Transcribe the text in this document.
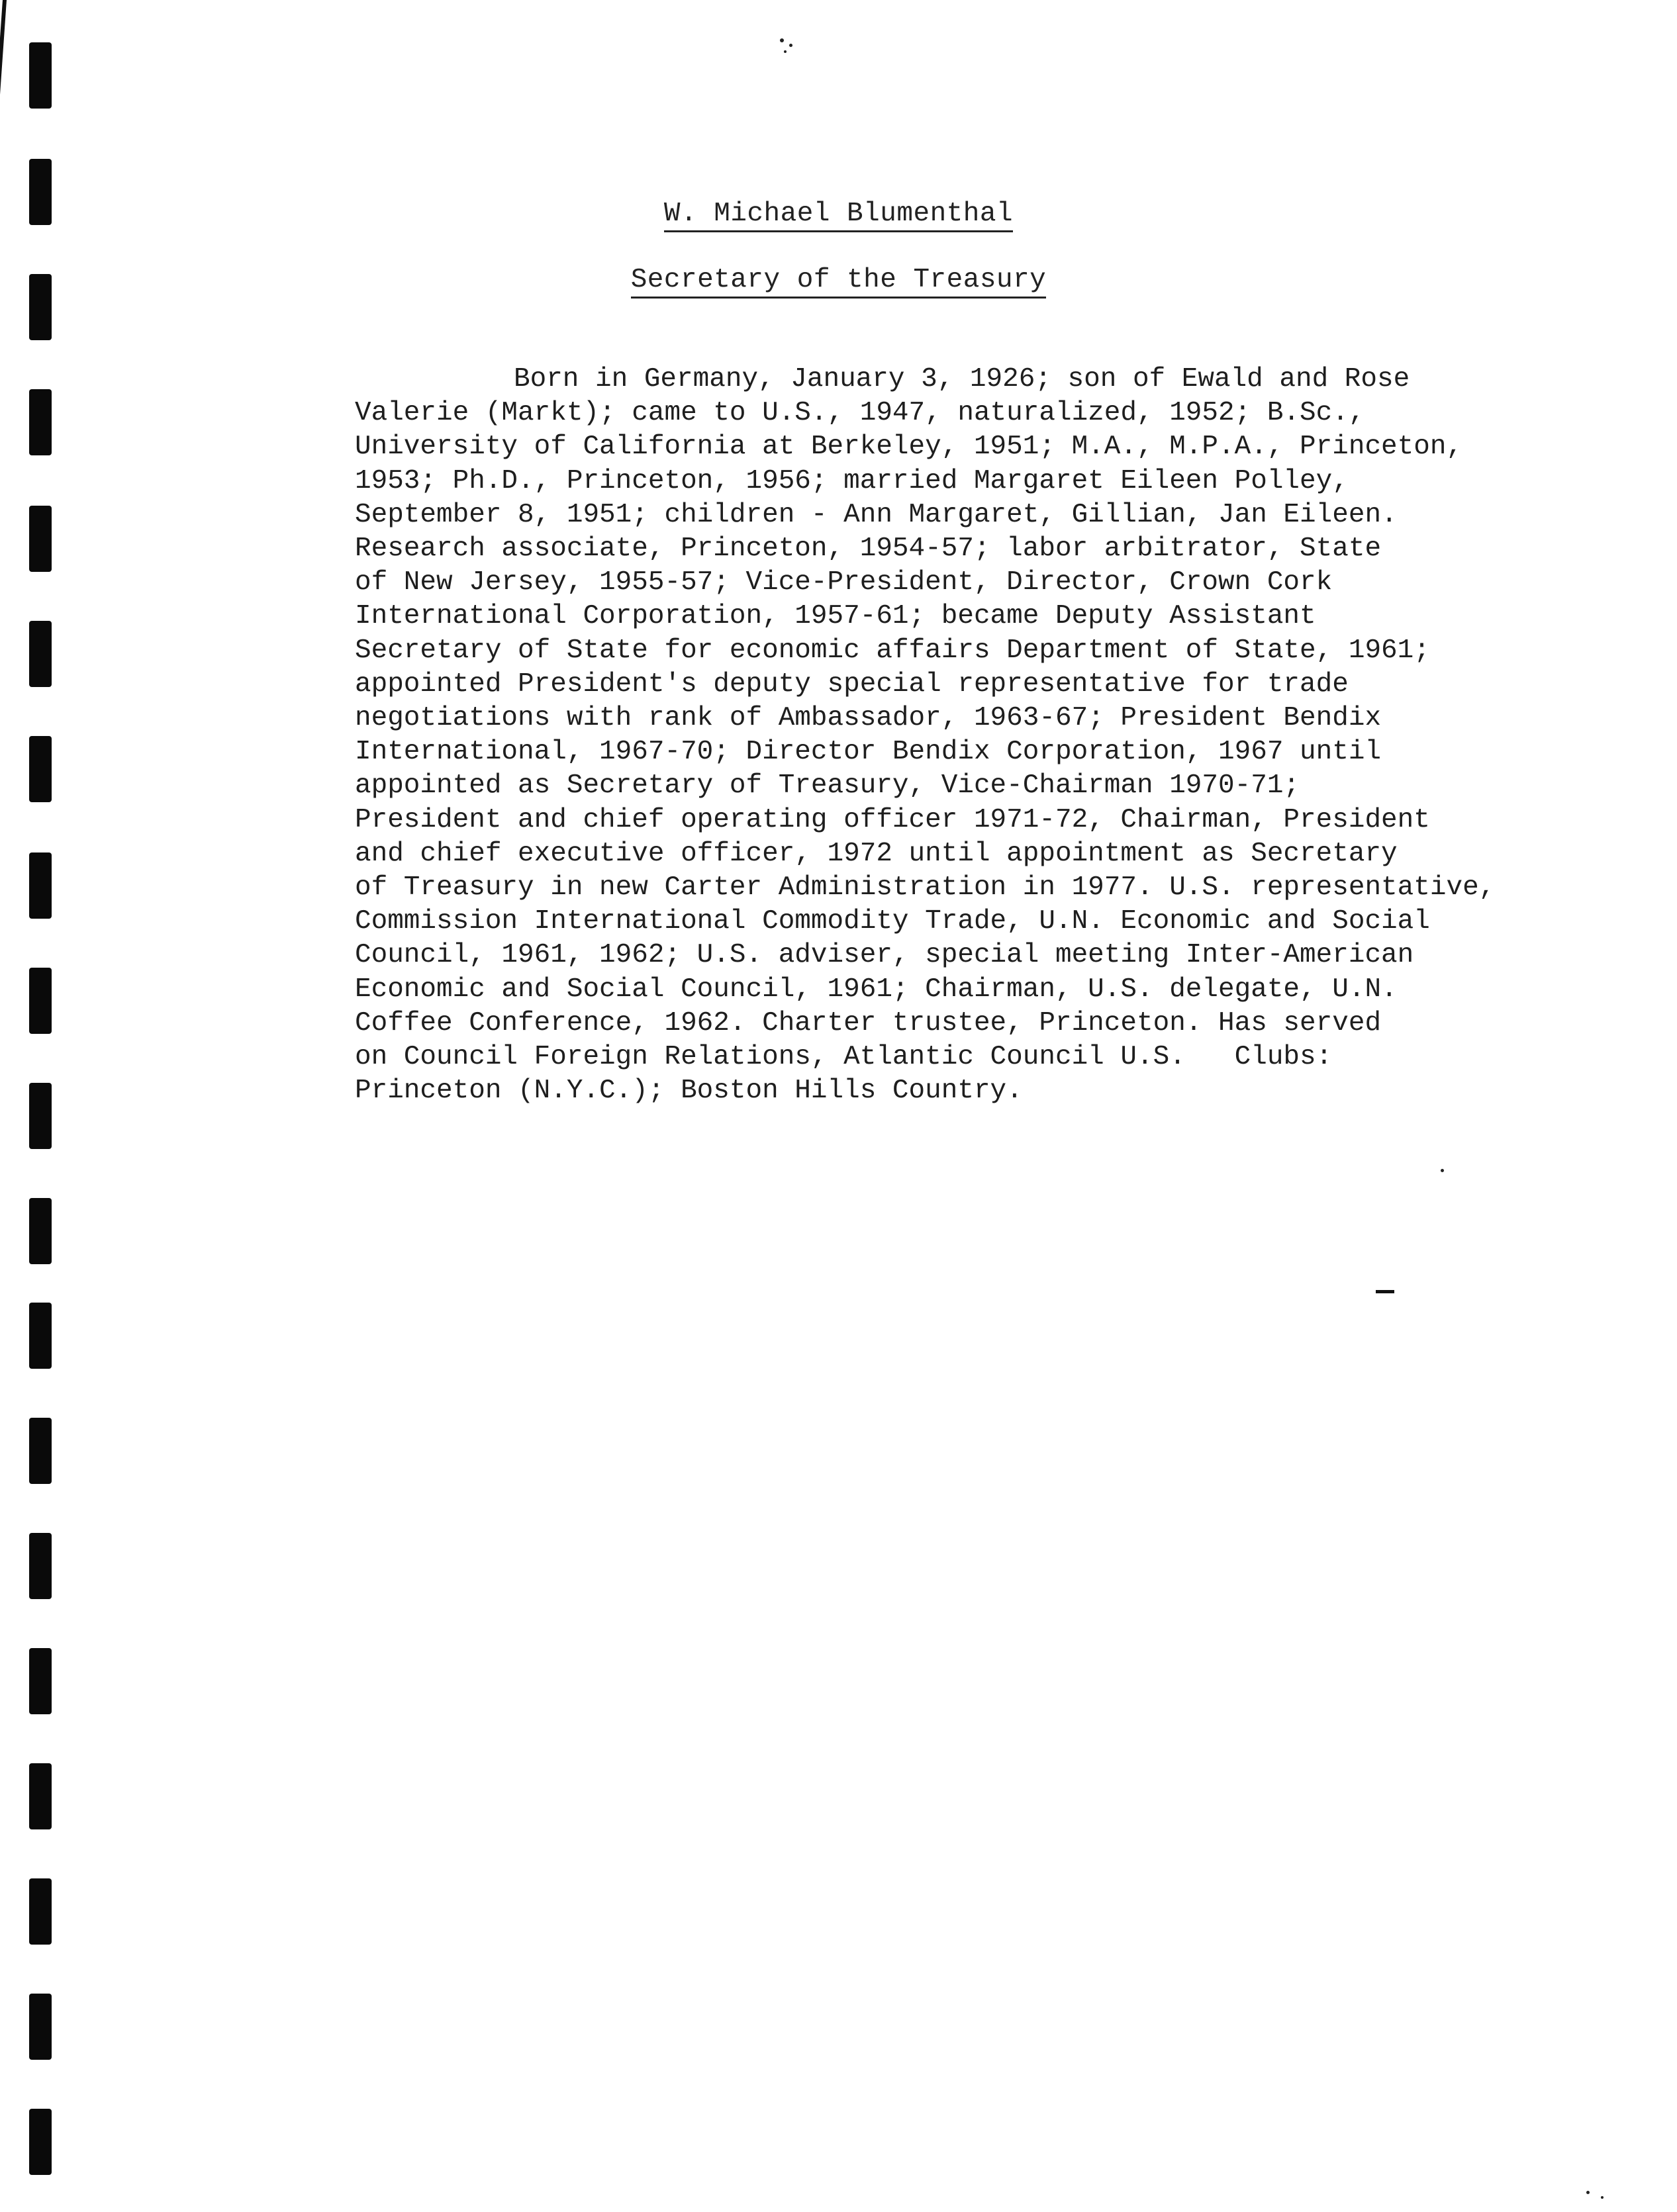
W. Michael Blumenthal
Secretary of the Treasury
Born in Germany, January 3, 1926; son of Ewald and Rose
Valerie (Markt); came to U.S., 1947, naturalized, 1952; B.Sc.,
University of California at Berkeley, 1951; M.A., M.P.A., Princeton,
1953; Ph.D., Princeton, 1956; married Margaret Eileen Polley,
September 8, 1951; children - Ann Margaret, Gillian, Jan Eileen.
Research associate, Princeton, 1954-57; labor arbitrator, State
of New Jersey, 1955-57; Vice-President, Director, Crown Cork
International Corporation, 1957-61; became Deputy Assistant
Secretary of State for economic affairs Department of State, 1961;
appointed President's deputy special representative for trade
negotiations with rank of Ambassador, 1963-67; President Bendix
International, 1967-70; Director Bendix Corporation, 1967 until
appointed as Secretary of Treasury, Vice-Chairman 1970-71;
President and chief operating officer 1971-72, Chairman, President
and chief executive officer, 1972 until appointment as Secretary
of Treasury in new Carter Administration in 1977. U.S. representative,
Commission International Commodity Trade, U.N. Economic and Social
Council, 1961, 1962; U.S. adviser, special meeting Inter-American
Economic and Social Council, 1961; Chairman, U.S. delegate, U.N.
Coffee Conference, 1962. Charter trustee, Princeton. Has served
on Council Foreign Relations, Atlantic Council U.S.   Clubs:
Princeton (N.Y.C.); Boston Hills Country.
